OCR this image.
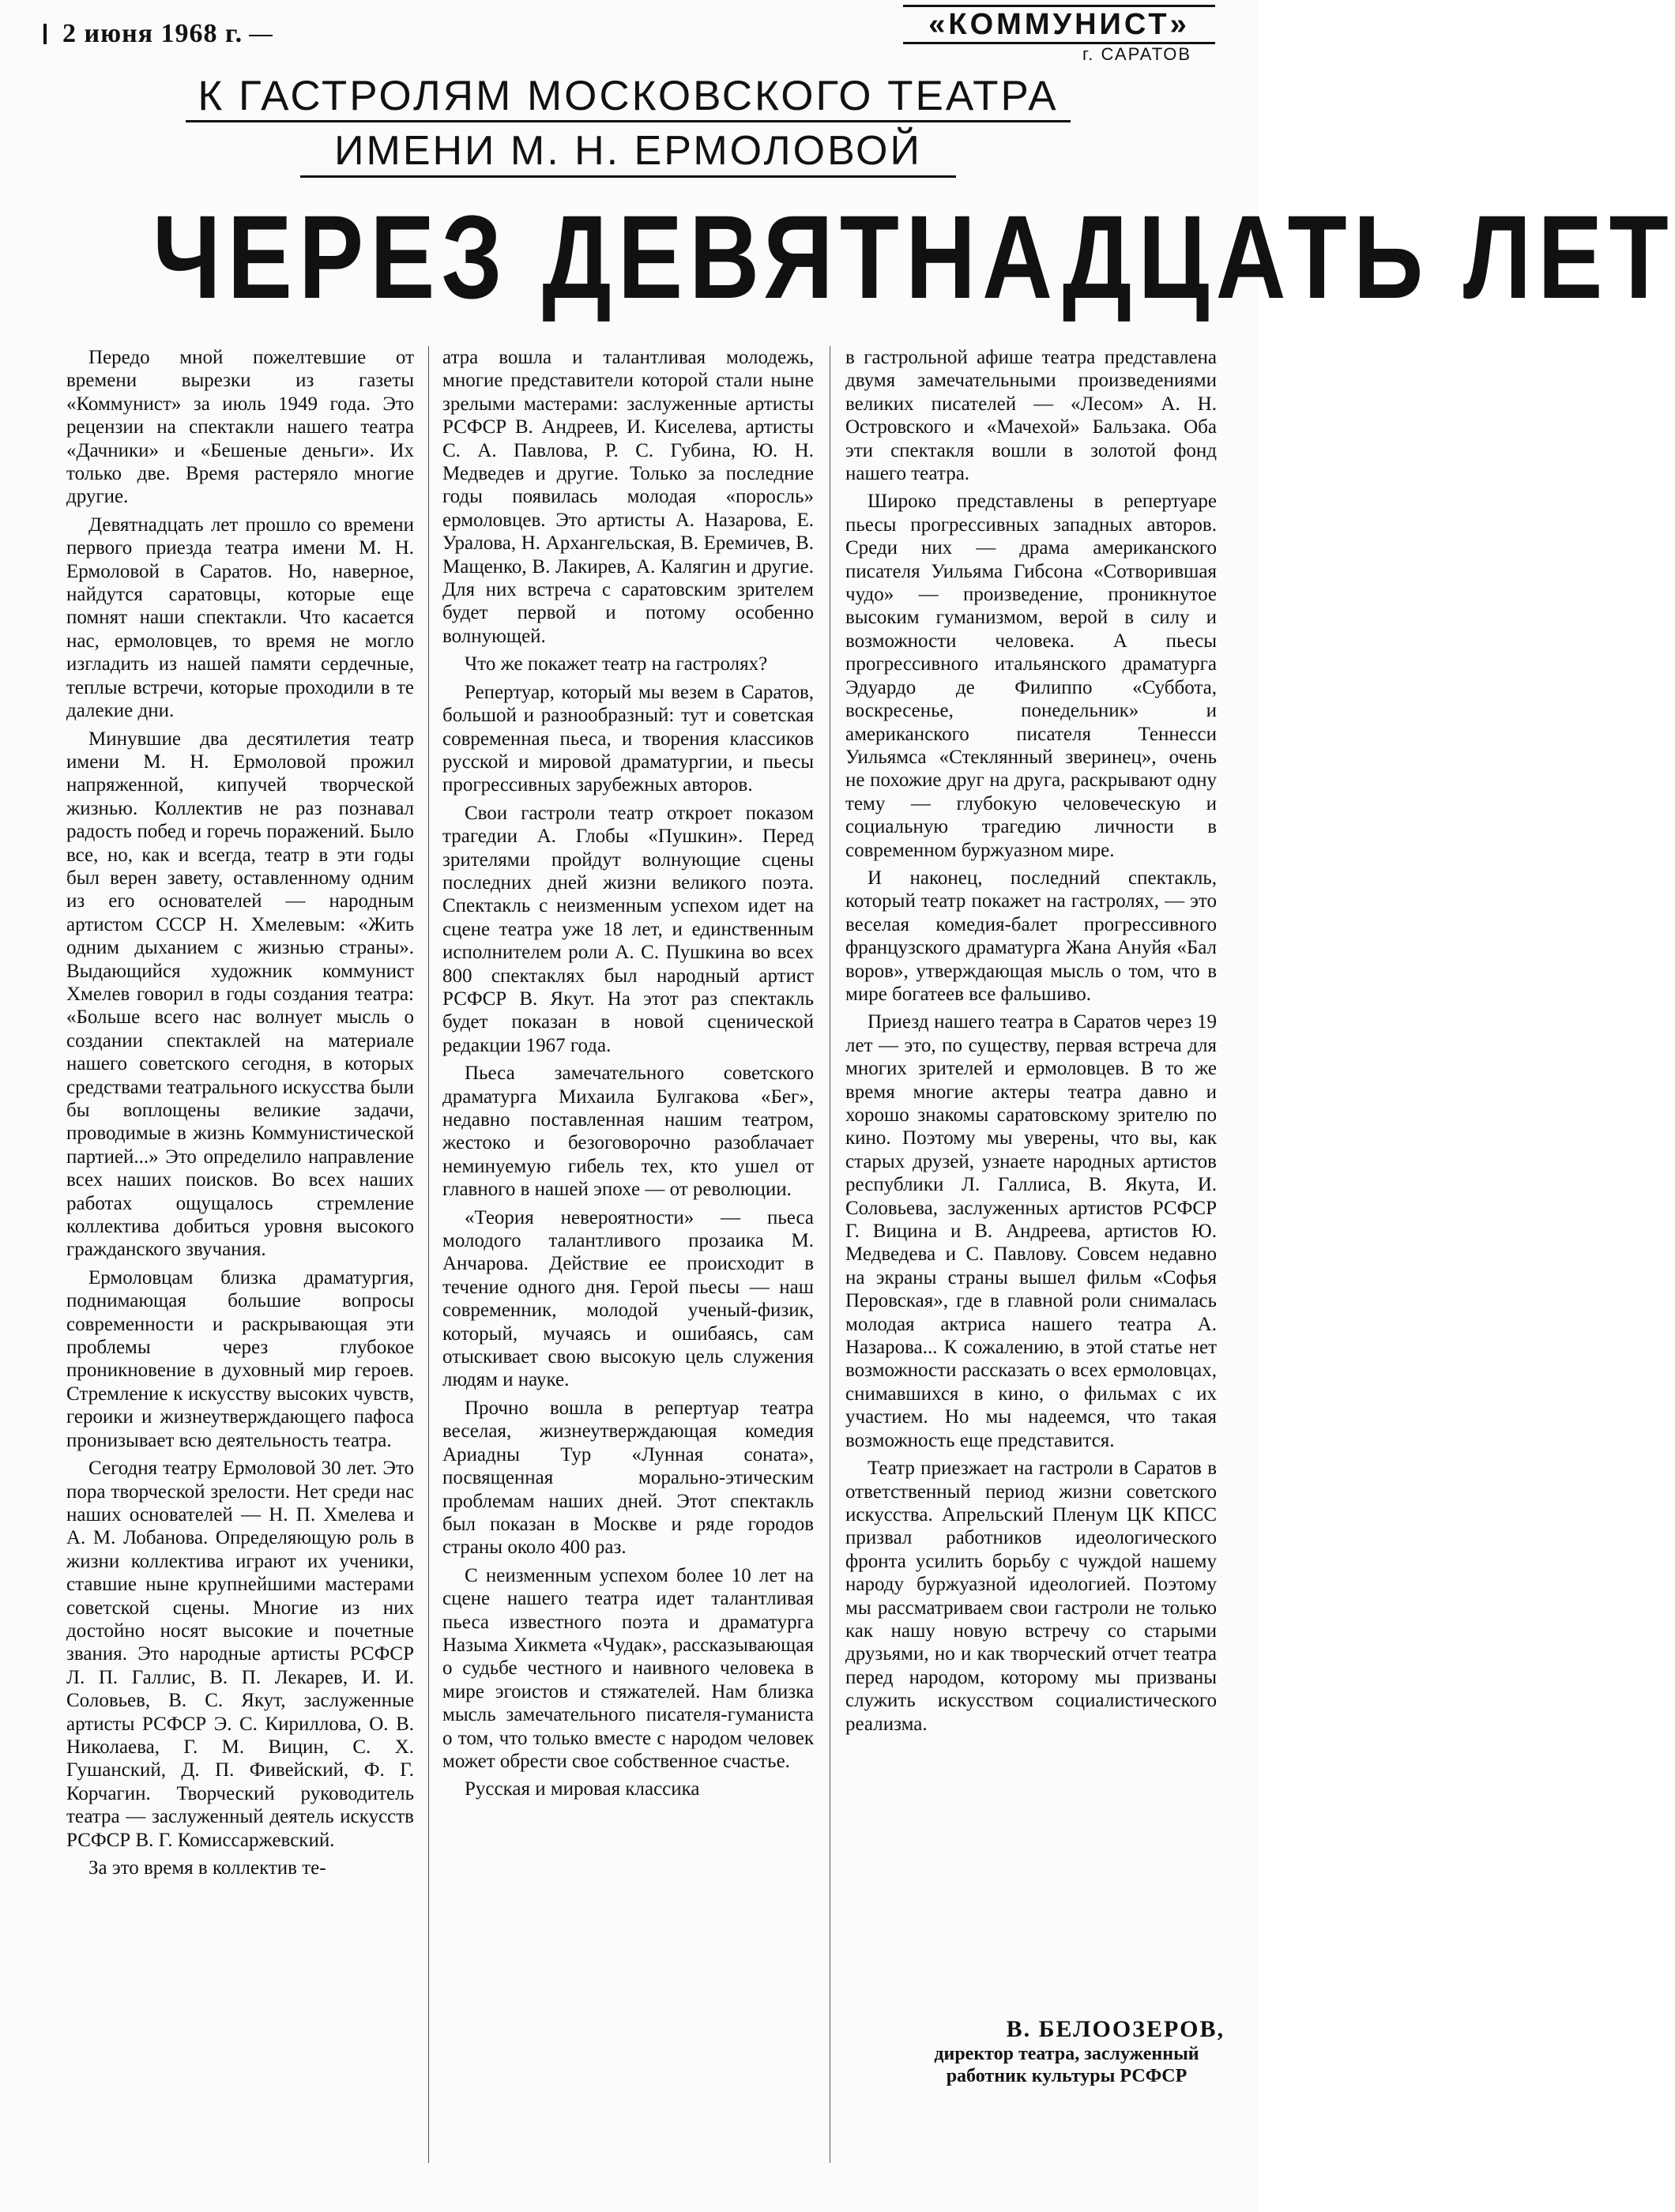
2 июня 1968 г.	«КОММУНИСТ»
г. САРАТОВ
К ГАСТРОЛЯМ МОСКОВСКОГО ТЕАТРА
ИМЕНИ М. Н. ЕРМОЛОВОЙ
ЧЕРЕЗ ДЕВЯТНАДЦАТЬ ЛЕТ

Передо мной пожелтевшие от времени вырезки из газеты «Коммунист» за июль 1949 года. Это рецензии на спектакли нашего театра «Дачники» и «Бешеные деньги». Их только две. Время растеряло многие другие.

Девятнадцать лет прошло со времени первого приезда театра имени М. Н. Ермоловой в Саратов. Но, наверное, найдутся саратовцы, которые еще помнят наши спектакли. Что касается нас, ермоловцев, то время не могло изгладить из нашей памяти сердечные, теплые встречи, которые проходили в те далекие дни.

Минувшие два десятилетия театр имени М. Н. Ермоловой прожил напряженной, кипучей творческой жизнью. Коллектив не раз познавал радость побед и горечь поражений. Было все, но, как и всегда, театр в эти годы был верен завету, оставленному одним из его основателей — народным артистом СССР Н. Хмелевым: «Жить одним дыханием с жизнью страны». Выдающийся художник коммунист Хмелев говорил в годы создания театра: «Больше всего нас волнует мысль о создании спектаклей на материале нашего советского сегодня, в которых средствами театрального искусства были бы воплощены великие задачи, проводимые в жизнь Коммунистической партией...» Это определило направление всех наших поисков. Во всех наших работах ощущалось стремление коллектива добиться уровня высокого гражданского звучания.

Ермоловцам близка драматургия, поднимающая большие вопросы современности и раскрывающая эти проблемы через глубокое проникновение в духовный мир героев. Стремление к искусству высоких чувств, героики и жизнеутверждающего пафоса пронизывает всю деятельность театра.

Сегодня театру Ермоловой 30 лет. Это пора творческой зрелости. Нет среди нас наших основателей — Н. П. Хмелева и А. М. Лобанова. Определяющую роль в жизни коллектива играют их ученики, ставшие ныне крупнейшими мастерами советской сцены. Многие из них достойно носят высокие и почетные звания. Это народные артисты РСФСР Л. П. Галлис, В. П. Лекарев, И. И. Соловьев, В. С. Якут, заслуженные артисты РСФСР Э. С. Кириллова, О. В. Николаева, Г. М. Вицин, С. Х. Гушанский, Д. П. Фивейский, Ф. Г. Корчагин. Творческий руководитель театра — заслуженный деятель искусств РСФСР В. Г. Комиссаржевский.

За это время в коллектив те-

атра вошла и талантливая молодежь, многие представители которой стали ныне зрелыми мастерами: заслуженные артисты РСФСР В. Андреев, И. Киселева, артисты С. А. Павлова, Р. С. Губина, Ю. Н. Медведев и другие. Только за последние годы появилась молодая «поросль» ермоловцев. Это артисты А. Назарова, Е. Уралова, Н. Архангельская, В. Еремичев, В. Мащенко, В. Лакирев, А. Калягин и другие. Для них встреча с саратовским зрителем будет первой и потому особенно волнующей.

Что же покажет театр на гастролях?

Репертуар, который мы везем в Саратов, большой и разнообразный: тут и советская современная пьеса, и творения классиков русской и мировой драматургии, и пьесы прогрессивных зарубежных авторов.

Свои гастроли театр откроет показом трагедии А. Глобы «Пушкин». Перед зрителями пройдут волнующие сцены последних дней жизни великого поэта. Спектакль с неизменным успехом идет на сцене театра уже 18 лет, и единственным исполнителем роли А. С. Пушкина во всех 800 спектаклях был народный артист РСФСР В. Якут. На этот раз спектакль будет показан в новой сценической редакции 1967 года.

Пьеса замечательного советского драматурга Михаила Булгакова «Бег», недавно поставленная нашим театром, жестоко и безоговорочно разоблачает неминуемую гибель тех, кто ушел от главного в нашей эпохе — от революции.

«Теория невероятности» — пьеса молодого талантливого прозаика М. Анчарова. Действие ее происходит в течение одного дня. Герой пьесы — наш современник, молодой ученый-физик, который, мучаясь и ошибаясь, сам отыскивает свою высокую цель служения людям и науке.

Прочно вошла в репертуар театра веселая, жизнеутверждающая комедия Ариадны Тур «Лунная соната», посвященная морально-этическим проблемам наших дней. Этот спектакль был показан в Москве и ряде городов страны около 400 раз.

С неизменным успехом более 10 лет на сцене нашего театра идет талантливая пьеса известного поэта и драматурга Назыма Хикмета «Чудак», рассказывающая о судьбе честного и наивного человека в мире эгоистов и стяжателей. Нам близка мысль замечательного писателя-гуманиста о том, что только вместе с народом человек может обрести свое собственное счастье.

Русская и мировая классика

в гастрольной афише театра представлена двумя замечательными произведениями великих писателей — «Лесом» А. Н. Островского и «Мачехой» Бальзака. Оба эти спектакля вошли в золотой фонд нашего театра.

Широко представлены в репертуаре пьесы прогрессивных западных авторов. Среди них — драма американского писателя Уильяма Гибсона «Сотворившая чудо» — произведение, проникнутое высоким гуманизмом, верой в силу и возможности человека. А пьесы прогрессивного итальянского драматурга Эдуардо де Филиппо «Суббота, воскресенье, понедельник» и американского писателя Теннесси Уильямса «Стеклянный зверинец», очень не похожие друг на друга, раскрывают одну тему — глубокую человеческую и социальную трагедию личности в современном буржуазном мире.

И наконец, последний спектакль, который театр покажет на гастролях, — это веселая комедия-балет прогрессивного французского драматурга Жана Ануйя «Бал воров», утверждающая мысль о том, что в мире богатеев все фальшиво.

Приезд нашего театра в Саратов через 19 лет — это, по существу, первая встреча для многих зрителей и ермоловцев. В то же время многие актеры театра давно и хорошо знакомы саратовскому зрителю по кино. Поэтому мы уверены, что вы, как старых друзей, узнаете народных артистов республики Л. Галлиса, В. Якута, И. Соловьева, заслуженных артистов РСФСР Г. Вицина и В. Андреева, артистов Ю. Медведева и С. Павлову. Совсем недавно на экраны страны вышел фильм «Софья Перовская», где в главной роли снималась молодая актриса нашего театра А. Назарова... К сожалению, в этой статье нет возможности рассказать о всех ермоловцах, снимавшихся в кино, о фильмах с их участием. Но мы надеемся, что такая возможность еще представится.

Театр приезжает на гастроли в Саратов в ответственный период жизни советского искусства. Апрельский Пленум ЦК КПСС призвал работников идеологического фронта усилить борьбу с чуждой нашему народу буржуазной идеологией. Поэтому мы рассматриваем свои гастроли не только как нашу новую встречу со старыми друзьями, но и как творческий отчет театра перед народом, которому мы призваны служить искусством социалистического реализма.

В. БЕЛООЗЕРОВ,
директор театра, заслуженный работник культуры РСФСР
